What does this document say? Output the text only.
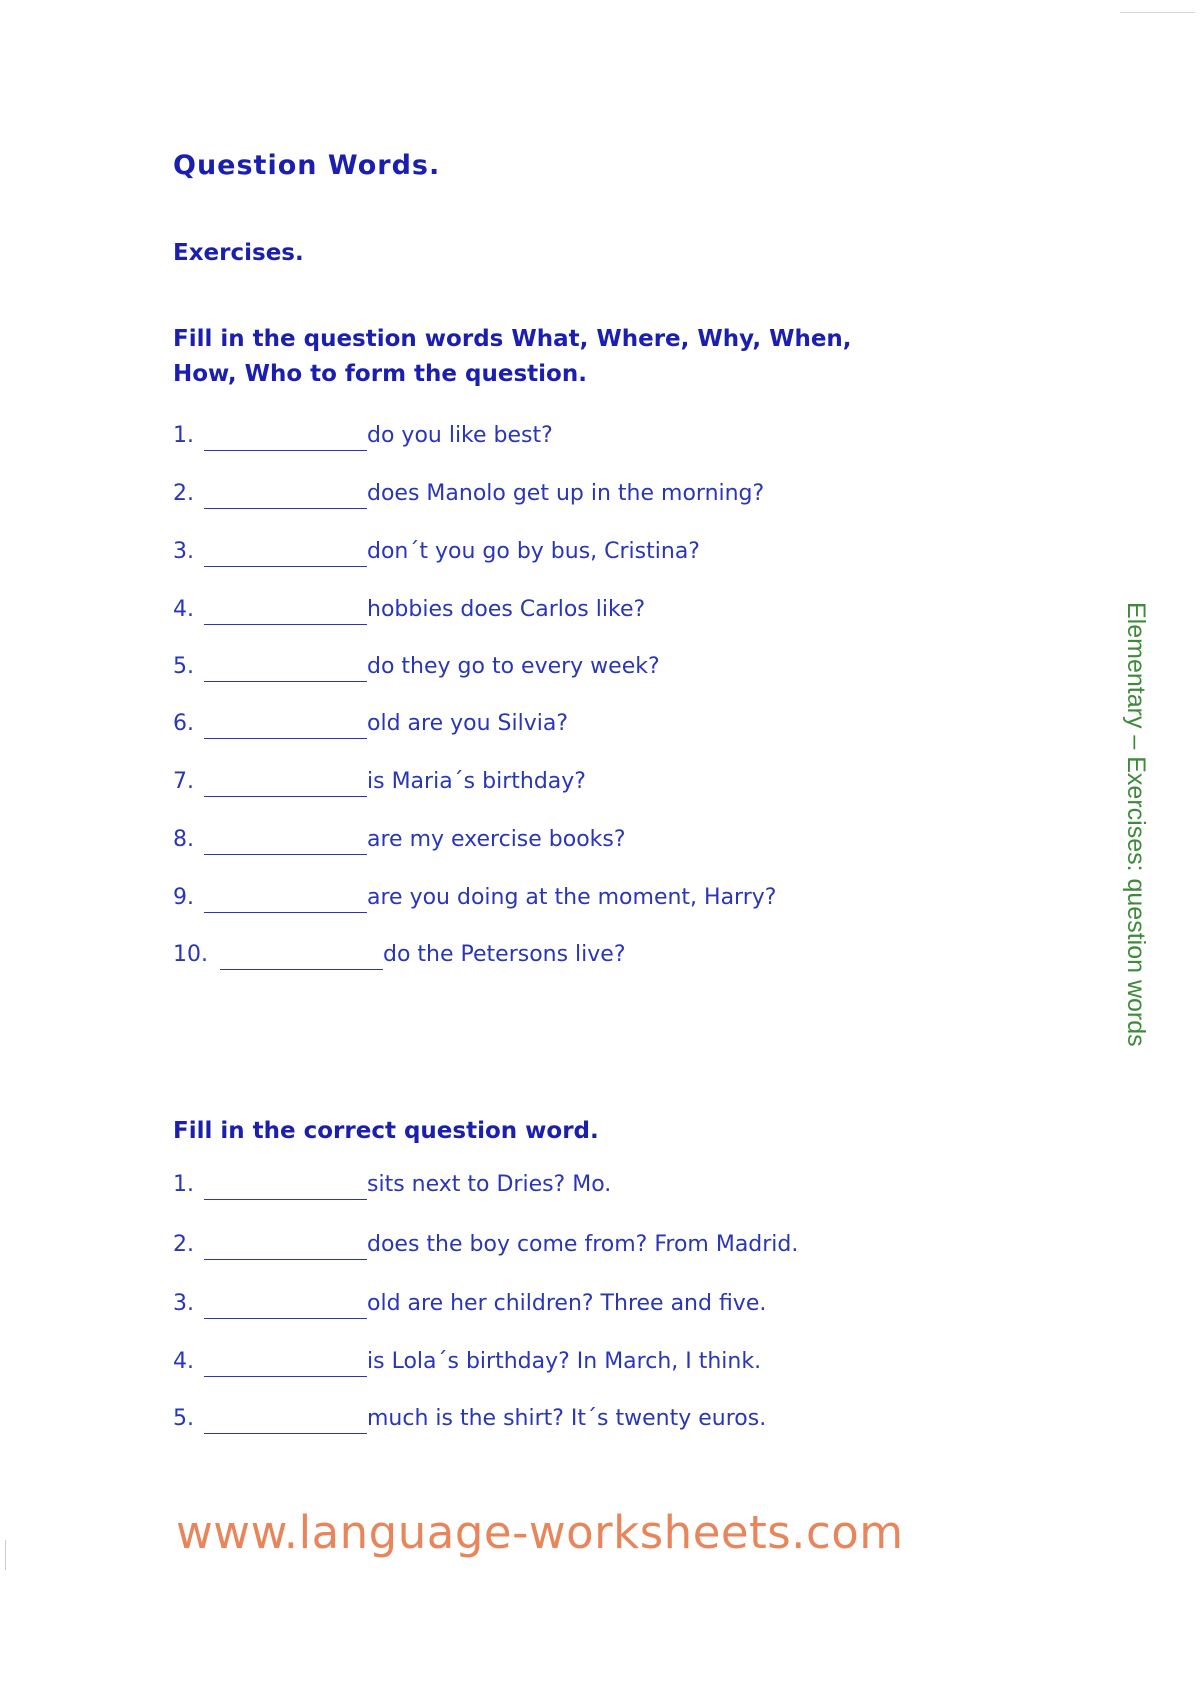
Question Words.
Exercises.
Fill in the question words What, Where, Why, When, How, Who to form the question.
1.	do you like best?
2.	does Manolo get up in the morning?
3.	don´t you go by bus, Cristina?
4.	hobbies does Carlos like?
5.	do they go to every week?
6.	old are you Silvia?
7.	is Maria´s birthday?
8.	are my exercise books?
9.	are you doing at the moment, Harry?
10.	do the Petersons live?
Fill in the correct question word.
1.	sits next to Dries? Mo.
2.	does the boy come from? From Madrid.
3.	old are her children? Three and five.
4.	is Lola´s birthday? In March, I think.
5.	much is the shirt? It´s twenty euros.
Elementary – Exercises: question words
www.language-worksheets.com
